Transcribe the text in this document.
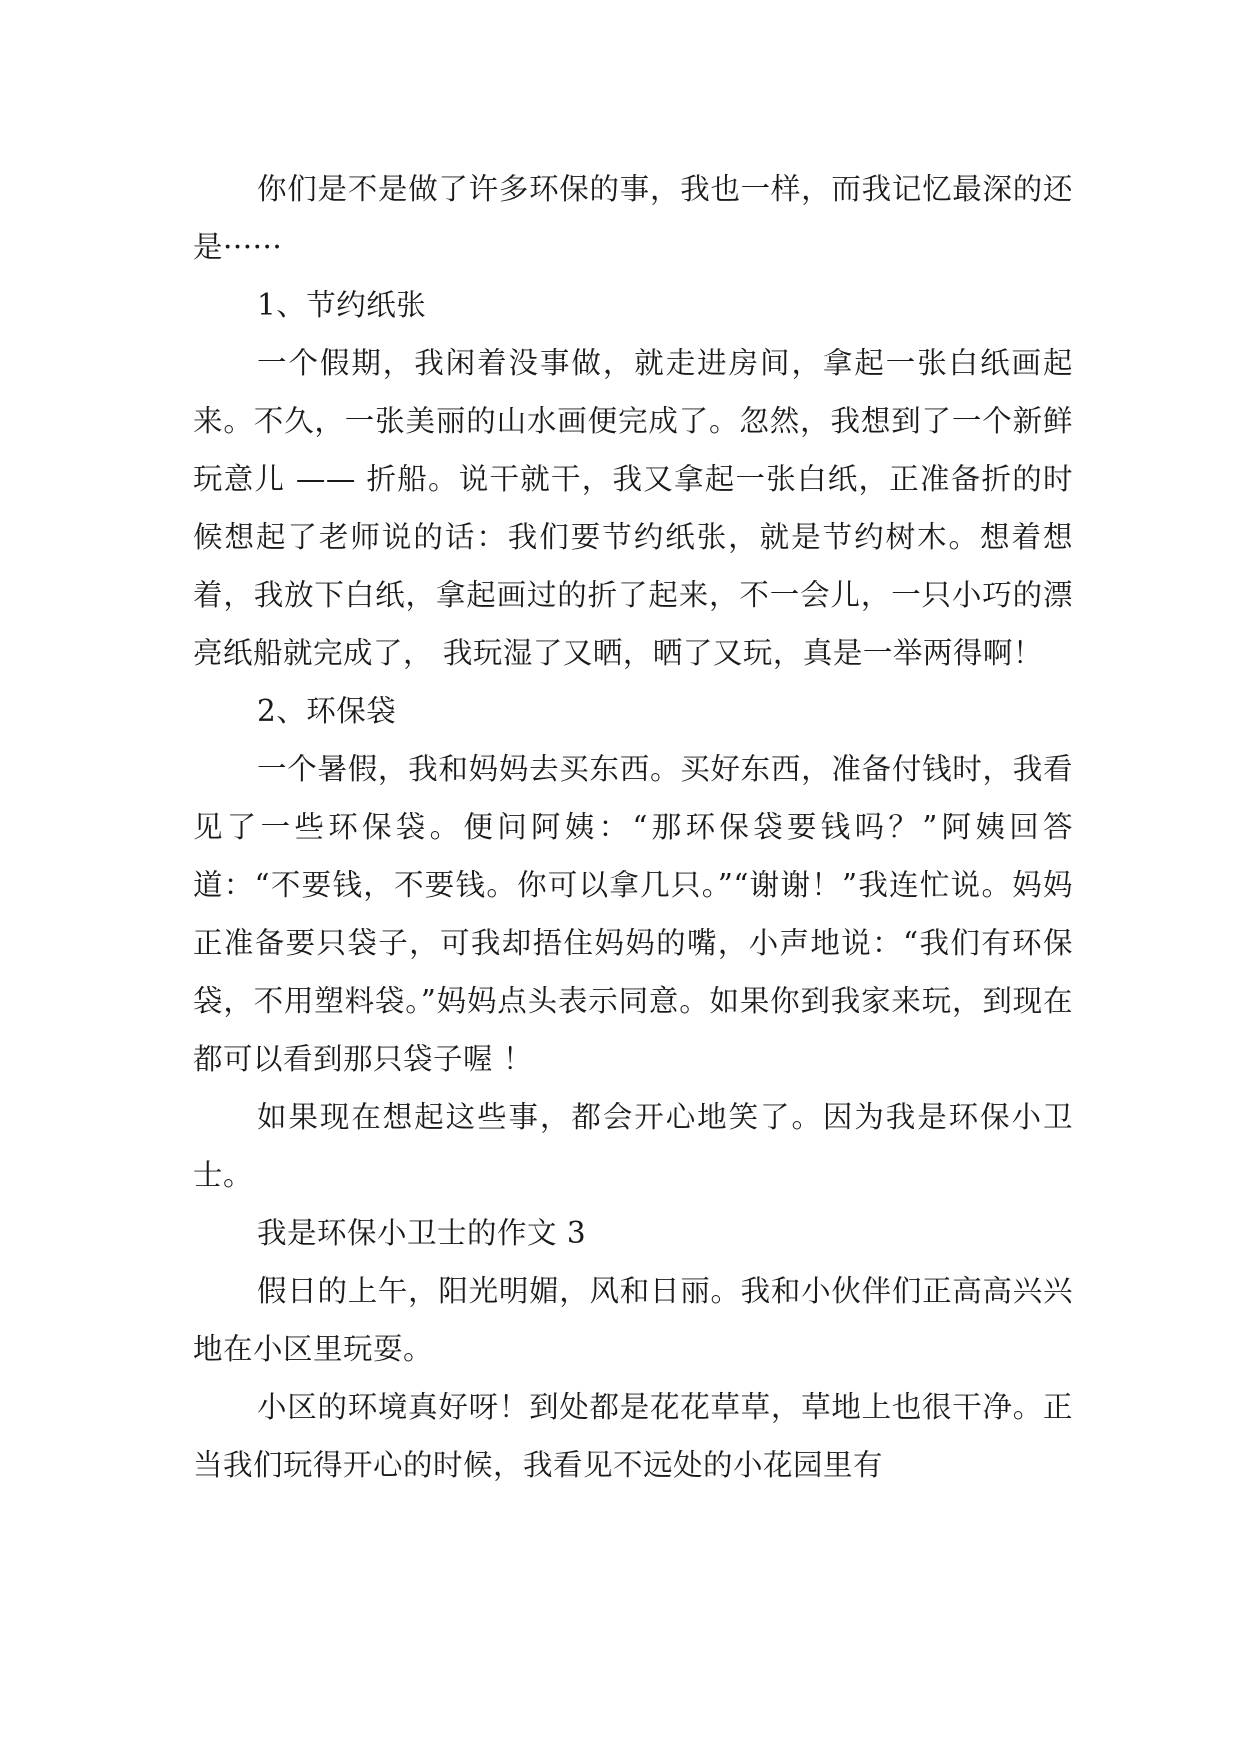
你们是不是做了许多环保的事，我也一样，而我记忆最深的还是······

1、节约纸张

一个假期，我闲着没事做，就走进房间，拿起一张白纸画起来。不久，一张美丽的山水画便完成了。忽然，我想到了一个新鲜玩意儿 —— 折船。说干就干，我又拿起一张白纸，正准备折的时候想起了老师说的话：我们要节约纸张，就是节约树木。想着想着，我放下白纸，拿起画过的折了起来，不一会儿，一只小巧的漂亮纸船就完成了， 我玩湿了又晒，晒了又玩，真是一举两得啊！

2、环保袋

一个暑假，我和妈妈去买东西。买好东西，准备付钱时，我看见了一些环保袋。便问阿姨：“那环保袋要钱吗？”阿姨回答道：“不要钱，不要钱。你可以拿几只。”“谢谢！”我连忙说。妈妈正准备要只袋子，可我却捂住妈妈的嘴，小声地说：“我们有环保袋，不用塑料袋。”妈妈点头表示同意。如果你到我家来玩，到现在都可以看到那只袋子喔 ！

如果现在想起这些事，都会开心地笑了。因为我是环保小卫士。

我是环保小卫士的作文 3

假日的上午，阳光明媚，风和日丽。我和小伙伴们正高高兴兴地在小区里玩耍。

小区的环境真好呀！到处都是花花草草，草地上也很干净。正当我们玩得开心的时候，我看见不远处的小花园里有
